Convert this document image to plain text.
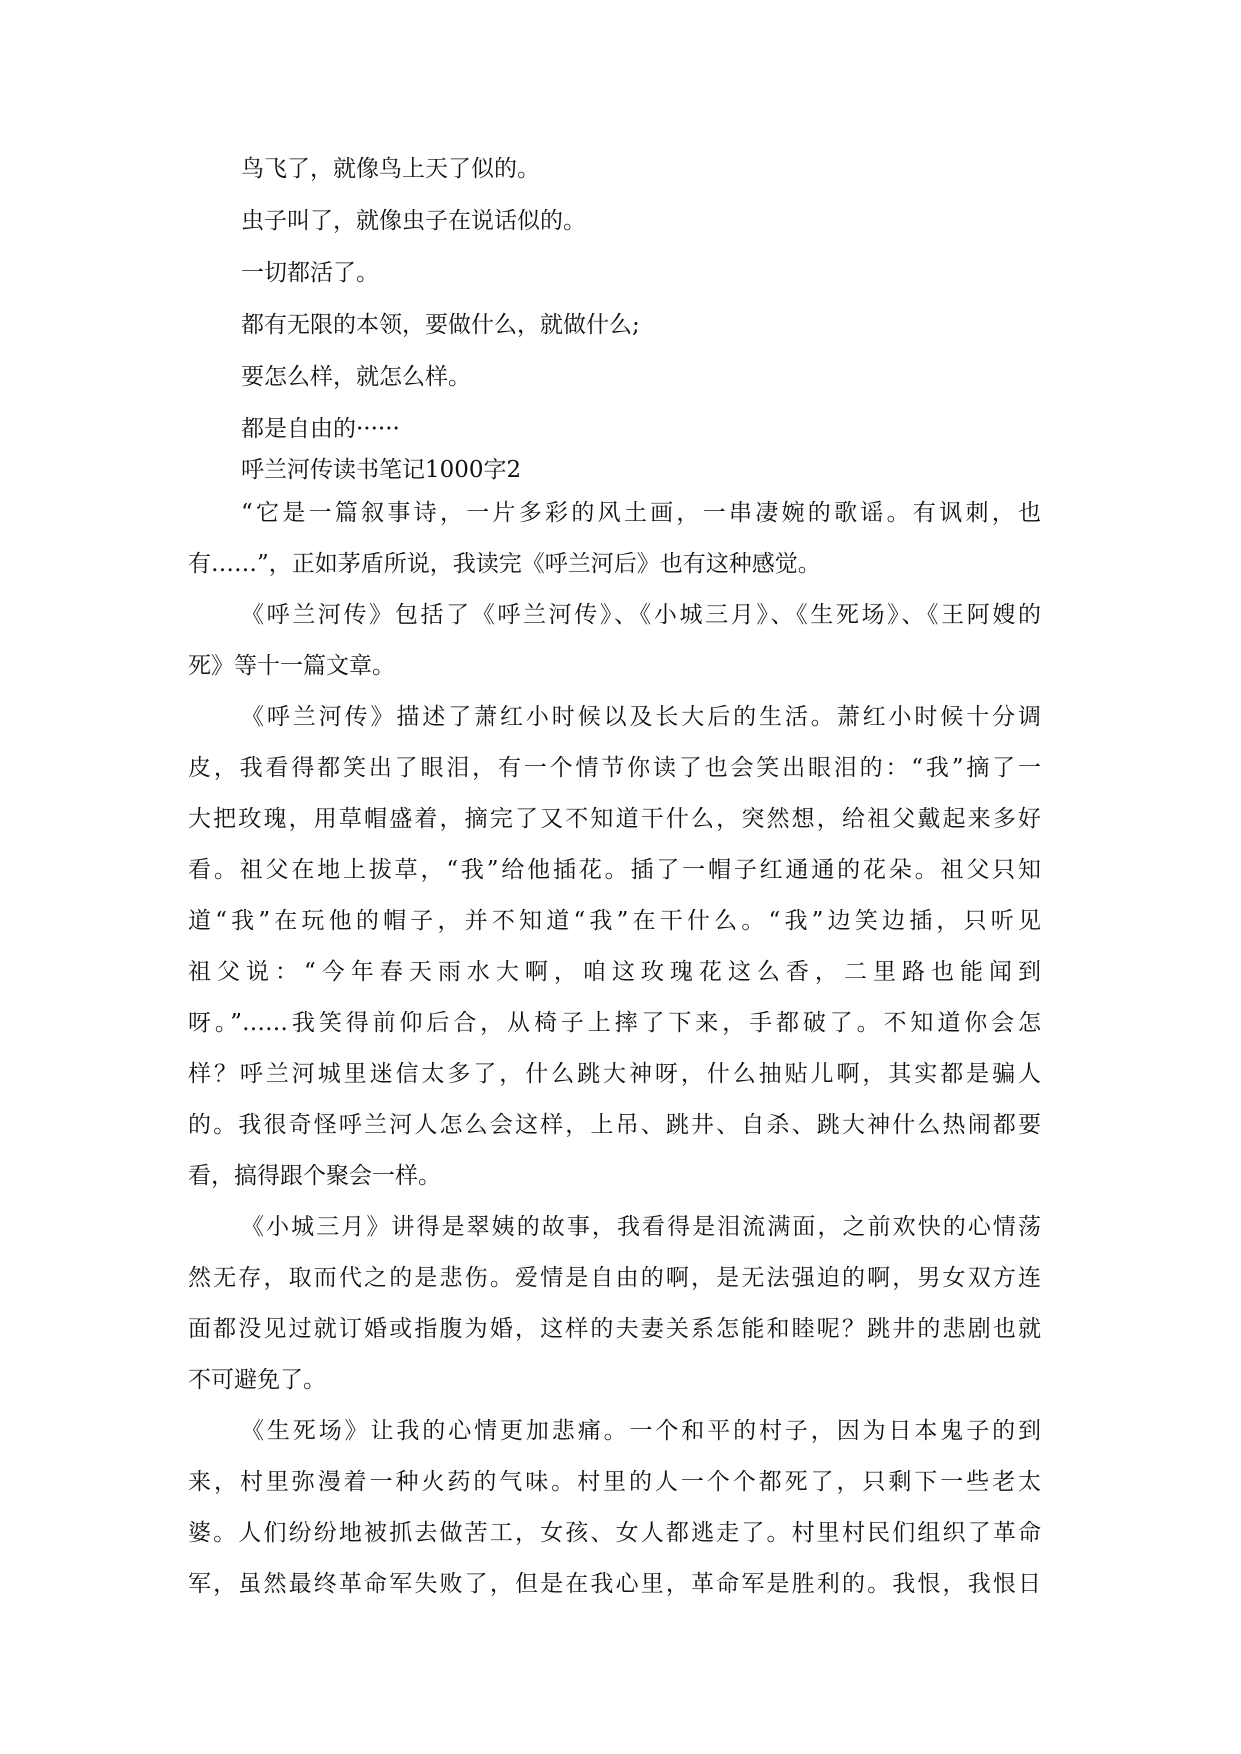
鸟飞了，就像鸟上天了似的。
虫子叫了，就像虫子在说话似的。
一切都活了。
都有无限的本领，要做什么，就做什么;
要怎么样，就怎么样。
都是自由的······
呼兰河传读书笔记1000字2
“它是一篇叙事诗，一片多彩的风土画，一串凄婉的歌谣。有讽刺，也
有……”，正如茅盾所说，我读完《呼兰河后》也有这种感觉。
《呼兰河传》包括了《呼兰河传》、《小城三月》、《生死场》、《王阿嫂的
死》等十一篇文章。
《呼兰河传》描述了萧红小时候以及长大后的生活。萧红小时候十分调
皮，我看得都笑出了眼泪，有一个情节你读了也会笑出眼泪的：“我”摘了一
大把玫瑰，用草帽盛着，摘完了又不知道干什么，突然想，给祖父戴起来多好
看。祖父在地上拔草，“我”给他插花。插了一帽子红通通的花朵。祖父只知
道“我”在玩他的帽子，并不知道“我”在干什么。“我”边笑边插，只听见
祖父说：“今年春天雨水大啊，咱这玫瑰花这么香，二里路也能闻到
呀。”……我笑得前仰后合，从椅子上摔了下来，手都破了。不知道你会怎
样？呼兰河城里迷信太多了，什么跳大神呀，什么抽贴儿啊，其实都是骗人
的。我很奇怪呼兰河人怎么会这样，上吊、跳井、自杀、跳大神什么热闹都要
看，搞得跟个聚会一样。
《小城三月》讲得是翠姨的故事，我看得是泪流满面，之前欢快的心情荡
然无存，取而代之的是悲伤。爱情是自由的啊，是无法强迫的啊，男女双方连
面都没见过就订婚或指腹为婚，这样的夫妻关系怎能和睦呢？跳井的悲剧也就
不可避免了。
《生死场》让我的心情更加悲痛。一个和平的村子，因为日本鬼子的到
来，村里弥漫着一种火药的气味。村里的人一个个都死了，只剩下一些老太
婆。人们纷纷地被抓去做苦工，女孩、女人都逃走了。村里村民们组织了革命
军，虽然最终革命军失败了，但是在我心里，革命军是胜利的。我恨，我恨日
